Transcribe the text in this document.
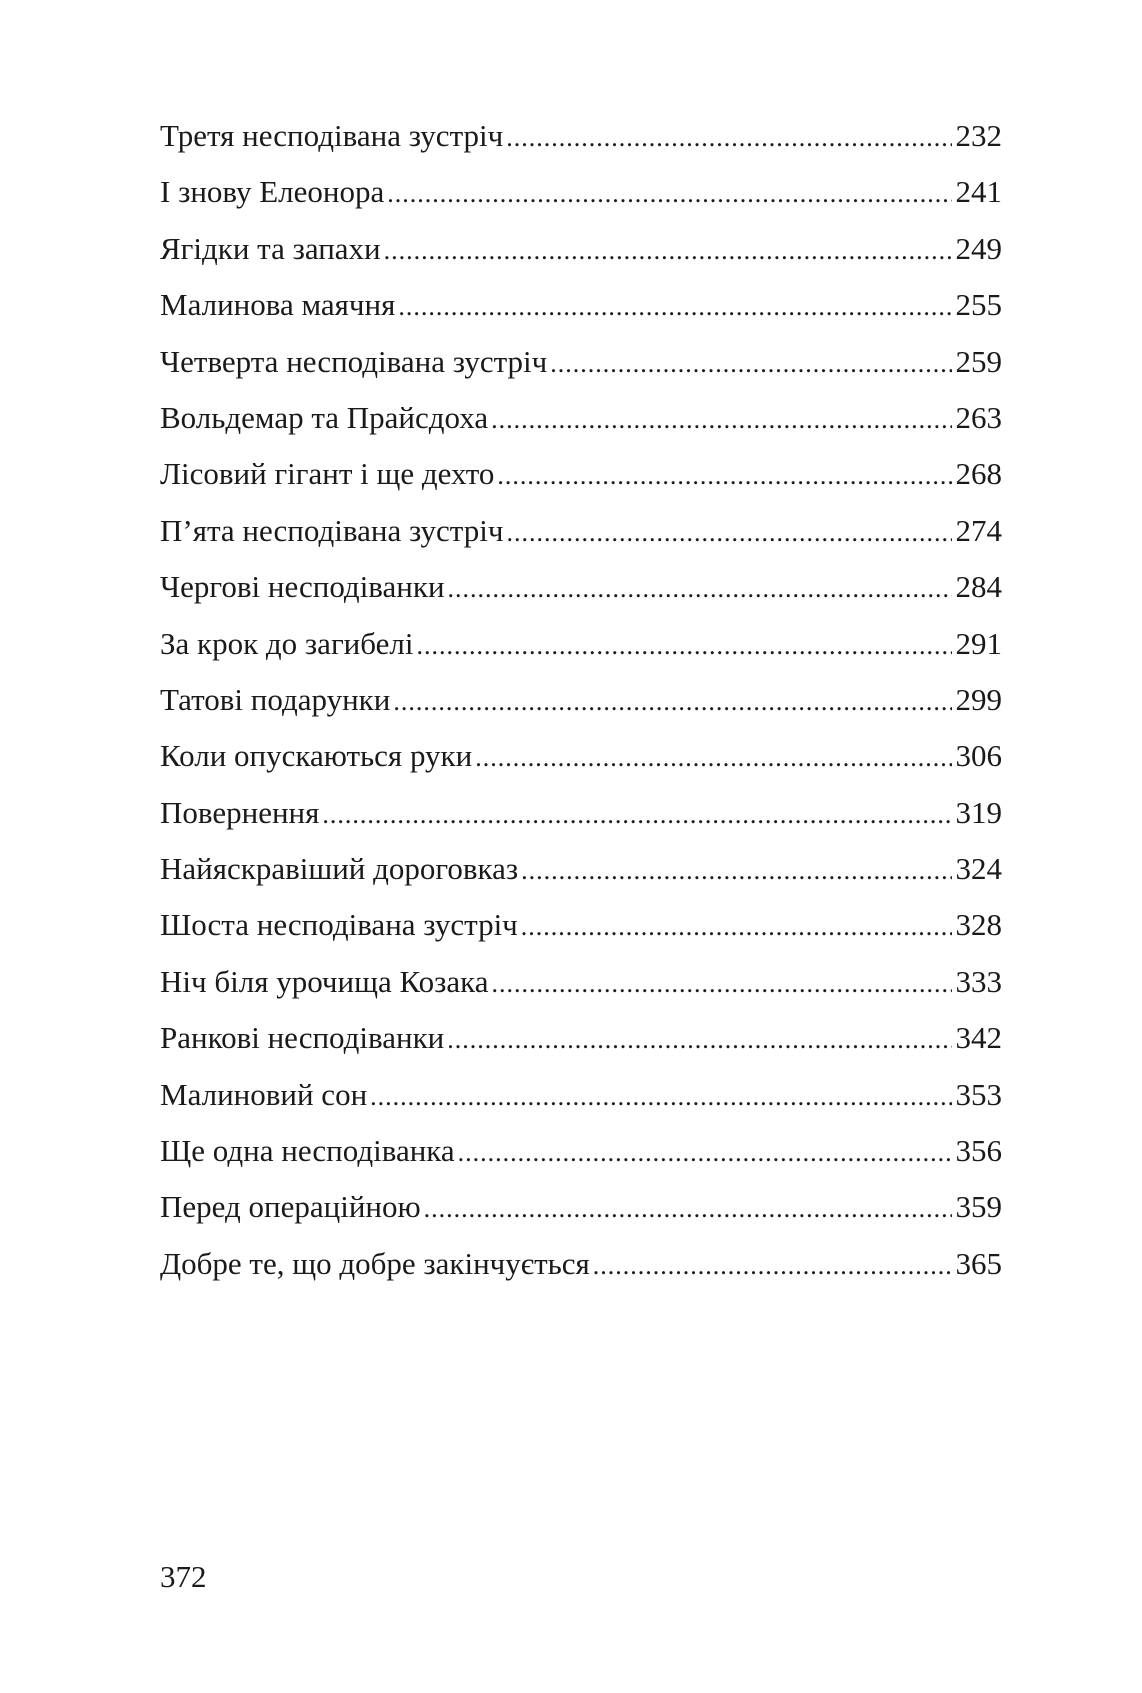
Третя несподівана зустріч .....	232
І знову Елеонора .....	241
Ягідки та запахи .....	249
Малинова маячня .....	255
Четверта несподівана зустріч .....	259
Вольдемар та Прайсдоха .....	263
Лісовий гігант і ще дехто .....	268
П’ята несподівана зустріч .....	274
Чергові несподіванки .....	284
За крок до загибелі .....	291
Татові подарунки .....	299
Коли опускаються руки .....	306
Повернення .....	319
Найяскравіший дороговказ .....	324
Шоста несподівана зустріч .....	328
Ніч біля урочища Козака .....	333
Ранкові несподіванки .....	342
Малиновий сон .....	353
Ще одна несподіванка .....	356
Перед операційною .....	359
Добре те, що добре закінчується .....	365
372
